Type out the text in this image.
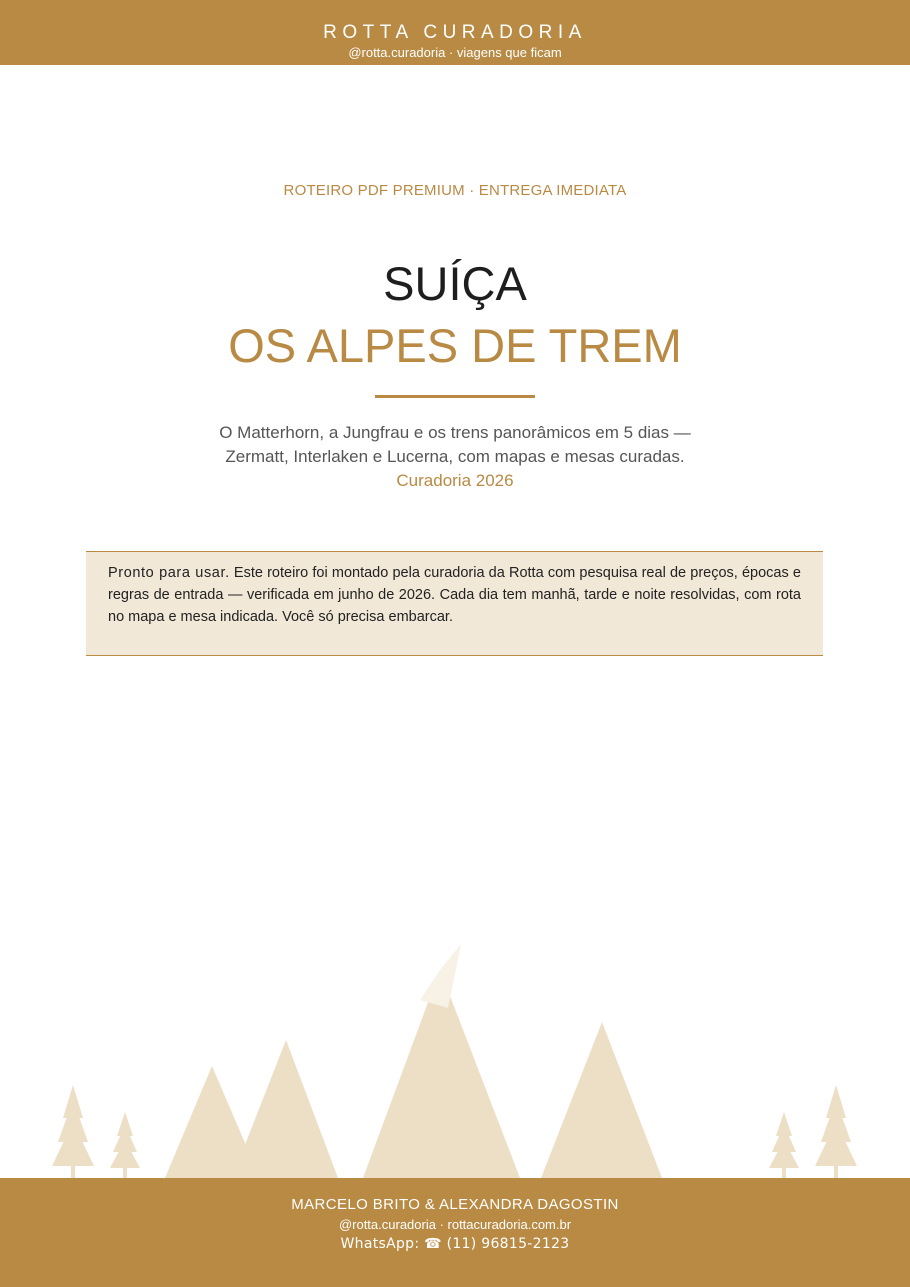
ROTTA CURADORIA
@rotta.curadoria · viagens que ficam
ROTEIRO PDF PREMIUM · ENTREGA IMEDIATA
SUÍÇA
OS ALPES DE TREM
O Matterhorn, a Jungfrau e os trens panorâmicos em 5 dias —
Zermatt, Interlaken e Lucerna, com mapas e mesas curadas.
Curadoria 2026
Pronto para usar. Este roteiro foi montado pela curadoria da Rotta com pesquisa real de preços, épocas e regras de entrada — verificada em junho de 2026. Cada dia tem manhã, tarde e noite resolvidas, com rota no mapa e mesa indicada. Você só precisa embarcar.
MARCELO BRITO & ALEXANDRA DAGOSTIN
@rotta.curadoria · rottacuradoria.com.br
WhatsApp: ☎ (11) 96815-2123
